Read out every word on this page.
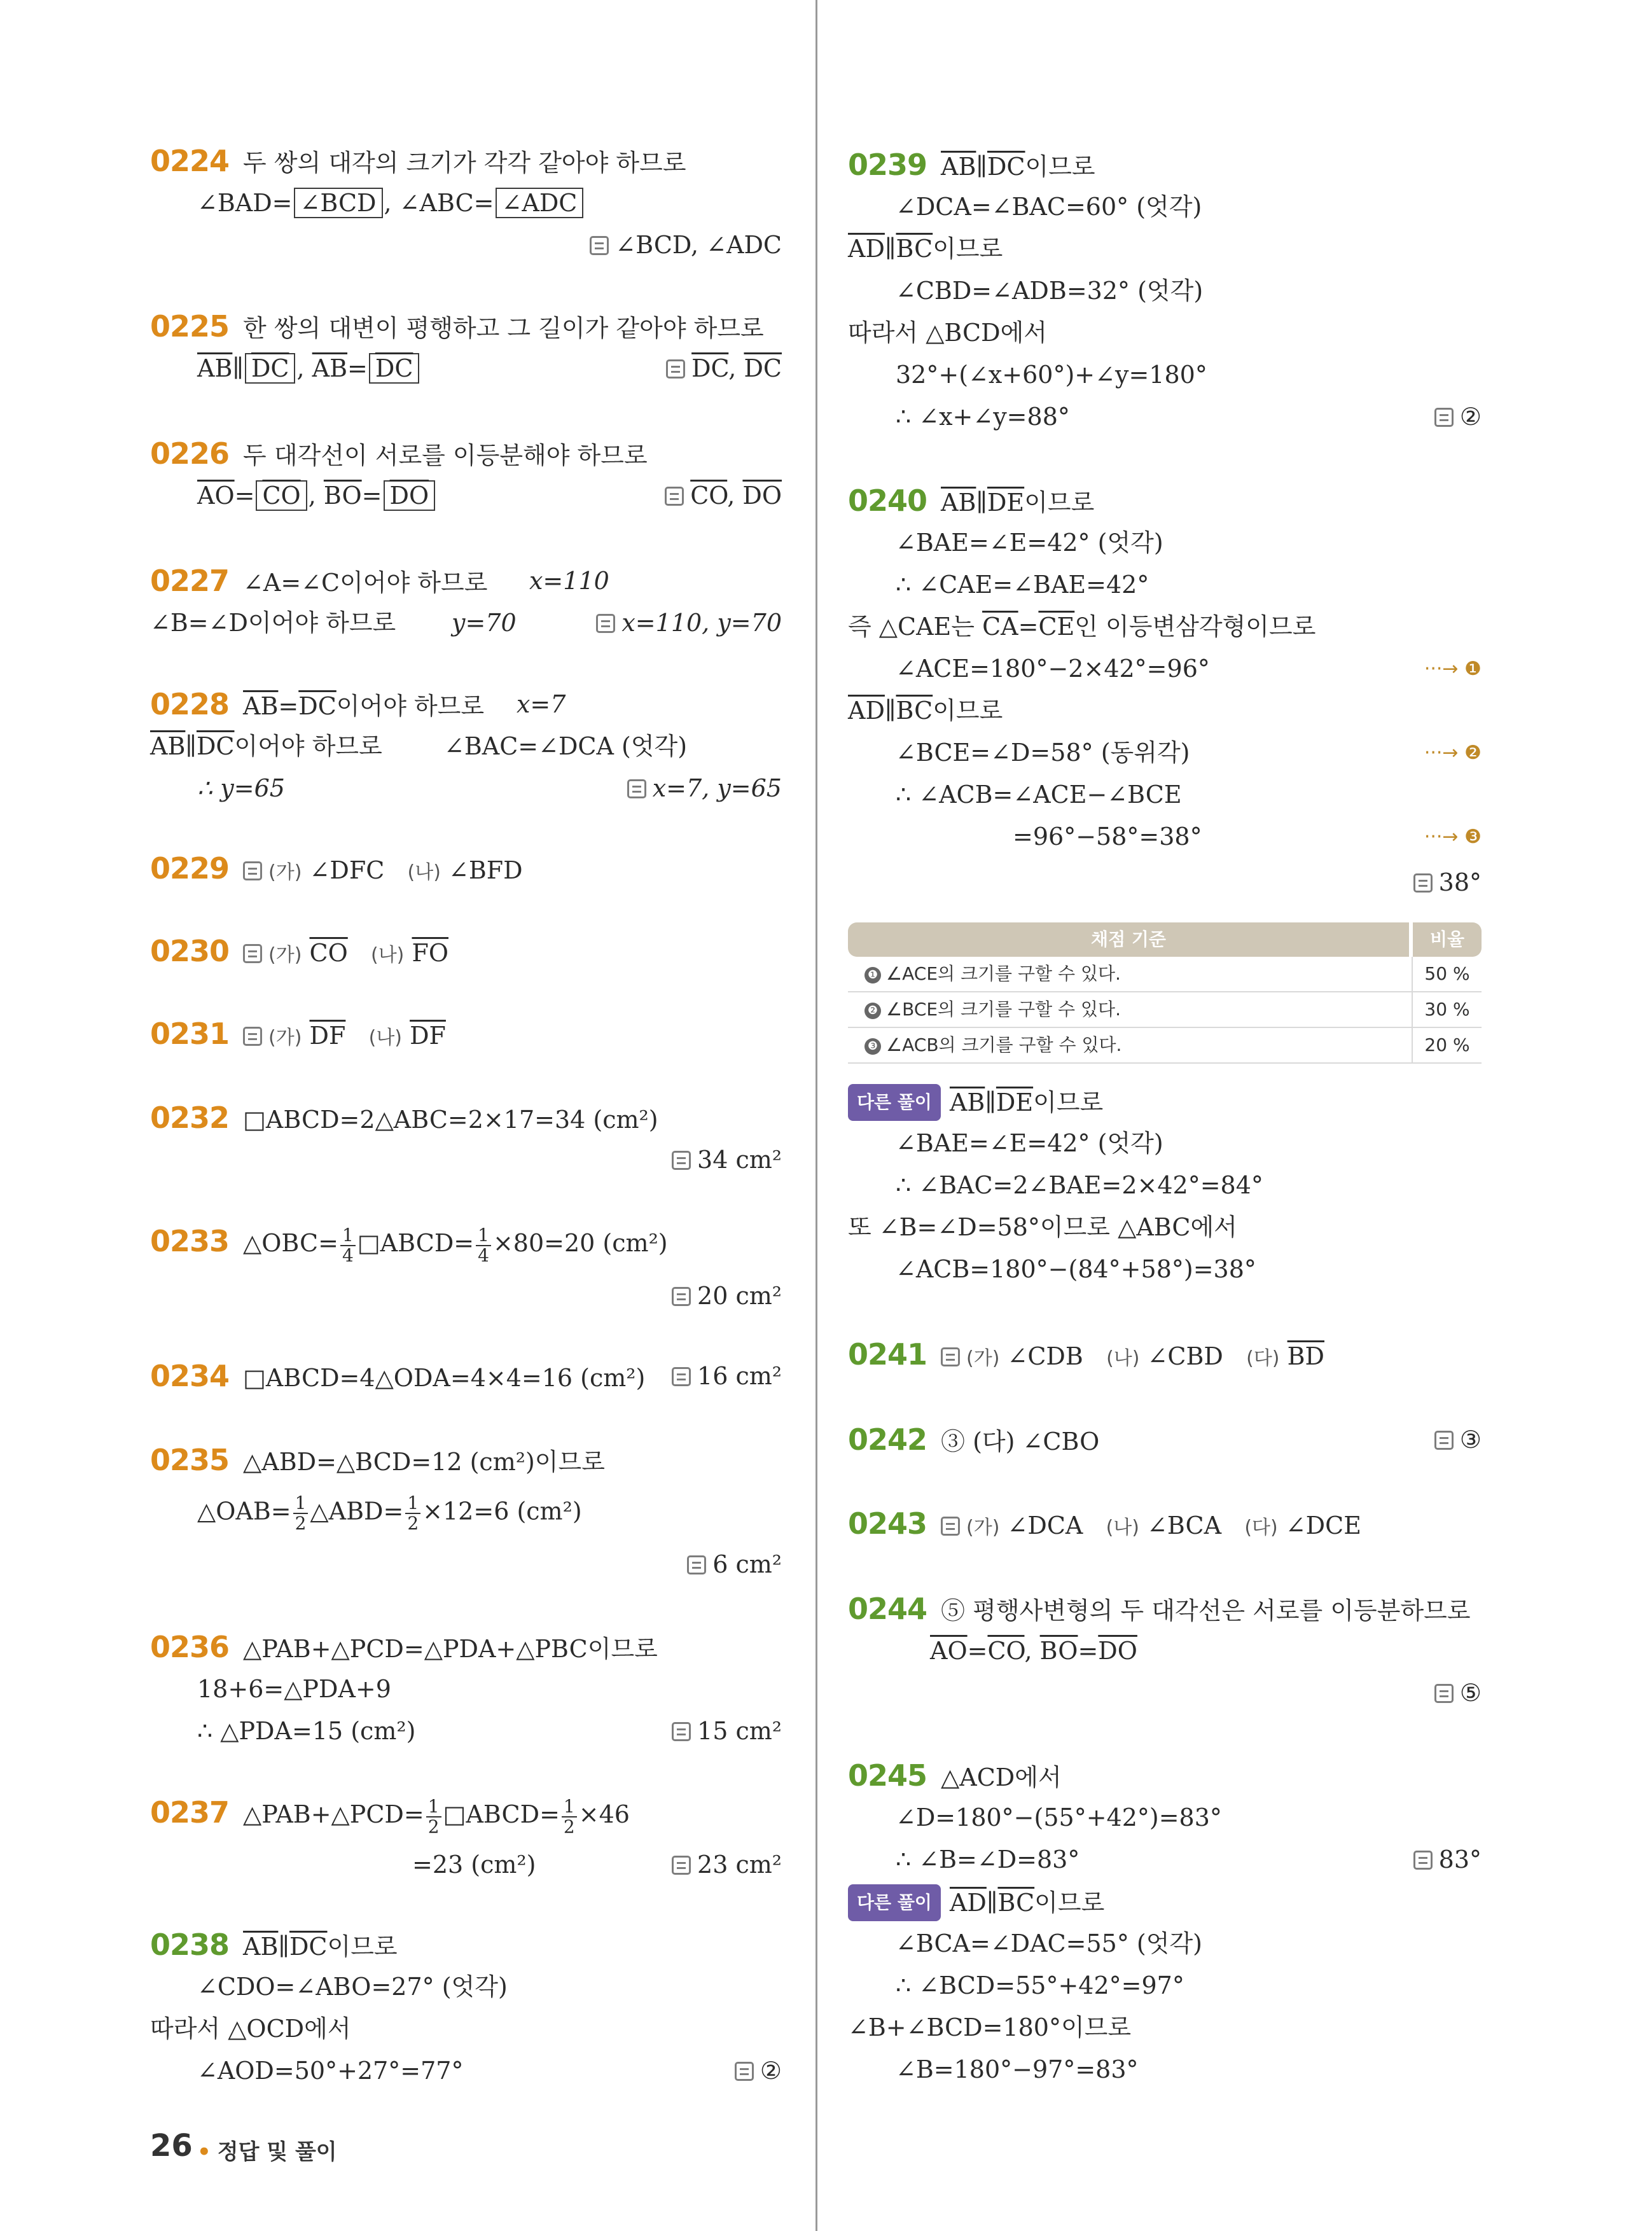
0224 두 쌍의 대각의 크기가 각각 같아야 하므로
∠BAD= ∠BCD , ∠ABC= ∠ADC
∠BCD, ∠ADC
0225 한 쌍의 대변이 평행하고 그 길이가 같아야 하므로
$\overline{AB}\parallel$ $\overline{DC}$ , $\overline{AB}= \overline{DC}$	$\overline{DC}$, $\overline{DC}$
0226 두 대각선이 서로를 이등분해야 하므로
$\overline{AO}= \overline{CO}$ , $\overline{BO}= \overline{DO}$	$\overline{CO}$, $\overline{DO}$
0227 ∠A=∠C이어야 하므로 x=110
∠B=∠D이어야 하므로 y=70	x=110, y=70
0228 $\overline{AB}=\overline{DC}$이어야 하므로 x=7
$\overline{AB}\parallel\overline{DC}$이어야 하므로	∠BAC=∠DCA (엇각)
∴ y=65	x=7, y=65
0229 (가) ∠DFC (나) ∠BFD
0230 (가) $\overline{CO}$ (나) $\overline{FO}$
0231 (가) $\overline{DF}$ (나) $\overline{DF}$
0232 □ABCD=2△ABC=2×17=34 (cm²)
34 cm²
0233 △OBC= $\frac{1}{4}$ □ABCD= $\frac{1}{4} \times 80=20$ (cm²)
20 cm²
0234 □ABCD=4△ODA=4×4=16 (cm²)	16 cm²
0235 △ABD=△BCD=12 (cm²)이므로
△OAB= $\frac{1}{2}$ △ABD= $\frac{1}{2} \times 12=6$ (cm²)
6 cm²
0236 △PAB+△PCD=△PDA+△PBC이므로
18+6=△PDA+9
∴ △PDA=15 (cm²)	15 cm²
0237 △PAB+△PCD= $\frac{1}{2}$ □ABCD= $\frac{1}{2} \times 46$
=23 (cm²)	23 cm²
0238 $\overline{AB}\parallel\overline{DC}$이므로
∠CDO=∠ABO=27° (엇각)
따라서 △OCD에서
∠AOD=50°+27°=77°	②
26 • 정답 및 풀이
0239 $\overline{AB}\parallel\overline{DC}$이므로
∠DCA=∠BAC=60° (엇각)
$\overline{AD}\parallel\overline{BC}$이므로
∠CBD=∠ADB=32° (엇각)
따라서 △BCD에서
32°+(∠x+60°)+∠y=180°
∴ ∠x+∠y=88°	②
0240 $\overline{AB}\parallel\overline{DE}$이므로
∠BAE=∠E=42° (엇각)
∴ ∠CAE=∠BAE=42°
즉 △CAE는 $\overline{CA}=\overline{CE}$인 이등변삼각형이므로
∠ACE=180°−2×42°=96°	···→ ❶
$\overline{AD}\parallel\overline{BC}$이므로
∠BCE=∠D=58° (동위각)	···→ ❷
∴ ∠ACB=∠ACE−∠BCE
=96°−58°=38°	···→ ❸
38°
채점 기준	비율
❶ ∠ACE의 크기를 구할 수 있다.	50 %
❷ ∠BCE의 크기를 구할 수 있다.	30 %
❸ ∠ACB의 크기를 구할 수 있다.	20 %
다른 풀이 $\overline{AB}\parallel\overline{DE}$이므로
∠BAE=∠E=42° (엇각)
∴ ∠BAC=2∠BAE=2×42°=84°
또 ∠B=∠D=58°이므로 △ABC에서
∠ACB=180°−(84°+58°)=38°
0241 (가) ∠CDB (나) ∠CBD (다) $\overline{BD}$
0242 ③ (다) ∠CBO	③
0243 (가) ∠DCA (나) ∠BCA (다) ∠DCE
0244 ⑤ 평행사변형의 두 대각선은 서로를 이등분하므로
$\overline{AO}=\overline{CO}$, $\overline{BO}=\overline{DO}$
⑤
0245 △ACD에서
∠D=180°−(55°+42°)=83°
∴ ∠B=∠D=83°	83°
다른 풀이 $\overline{AD}\parallel\overline{BC}$이므로
∠BCA=∠DAC=55° (엇각)
∴ ∠BCD=55°+42°=97°
∠B+∠BCD=180°이므로
∠B=180°−97°=83°
